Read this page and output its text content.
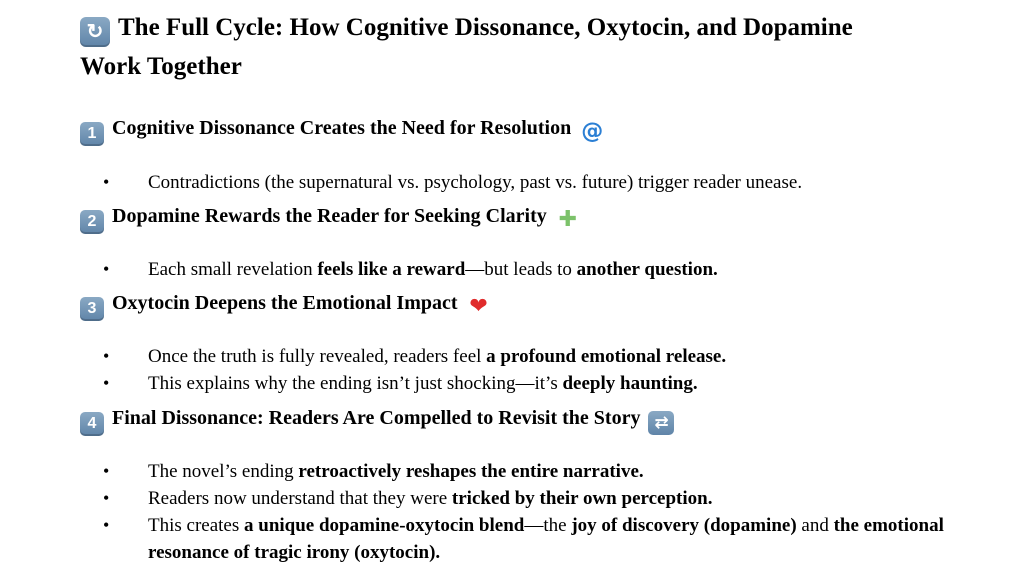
↻ The Full Cycle: How Cognitive Dissonance, Oxytocin, and Dopamine
Work Together
1 Cognitive Dissonance Creates the Need for Resolution @
• Contradictions (the supernatural vs. psychology, past vs. future) trigger reader unease.
2 Dopamine Rewards the Reader for Seeking Clarity ✚
• Each small revelation feels like a reward—but leads to another question.
3 Oxytocin Deepens the Emotional Impact ❤
• Once the truth is fully revealed, readers feel a profound emotional release.
• This explains why the ending isn’t just shocking—it’s deeply haunting.
4 Final Dissonance: Readers Are Compelled to Revisit the Story ⇄
• The novel’s ending retroactively reshapes the entire narrative.
• Readers now understand that they were tricked by their own perception.
• This creates a unique dopamine-oxytocin blend—the joy of discovery (dopamine) and the emotional resonance of tragic irony (oxytocin).
